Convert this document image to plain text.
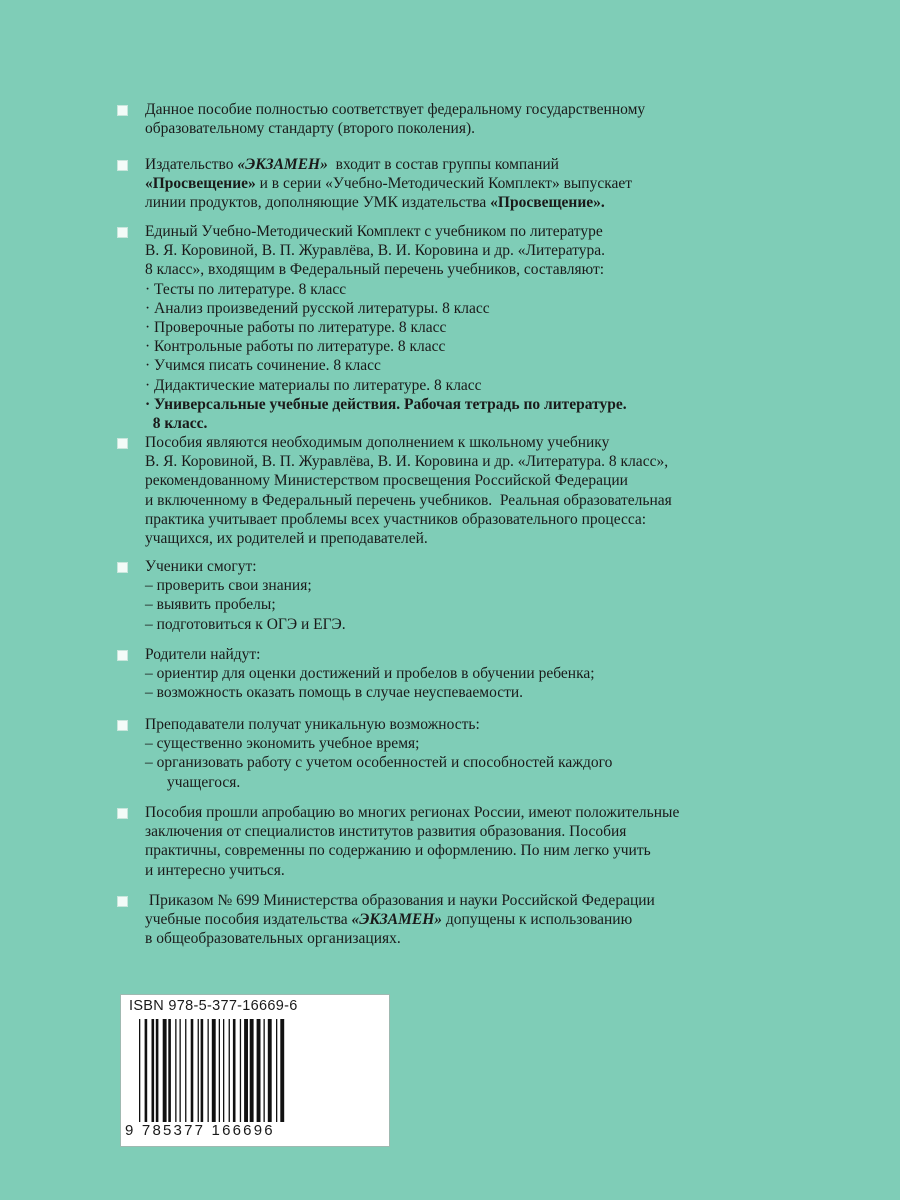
Данное пособие полностью соответствует федеральному государственному
образовательному стандарту (второго поколения).
Издательство «ЭКЗАМЕН»  входит в состав группы компаний
«Просвещение» и в серии «Учебно-Методический Комплект» выпускает
линии продуктов, дополняющие УМК издательства «Просвещение».
Единый Учебно-Методический Комплект с учебником по литературе
В. Я. Коровиной, В. П. Журавлёва, В. И. Коровина и др. «Литература.
8 класс», входящим в Федеральный перечень учебников, составляют:
· Тесты по литературе. 8 класс
· Анализ произведений русской литературы. 8 класс
· Проверочные работы по литературе. 8 класс
· Контрольные работы по литературе. 8 класс
· Учимся писать сочинение. 8 класс
· Дидактические материалы по литературе. 8 класс
· Универсальные учебные действия. Рабочая тетрадь по литературе.
8 класс.
Пособия являются необходимым дополнением к школьному учебнику
В. Я. Коровиной, В. П. Журавлёва, В. И. Коровина и др. «Литература. 8 класс»,
рекомендованному Министерством просвещения Российской Федерации
и включенному в Федеральный перечень учебников.  Реальная образовательная
практика учитывает проблемы всех участников образовательного процесса:
учащихся, их родителей и преподавателей.
Ученики смогут:
– проверить свои знания;
– выявить пробелы;
– подготовиться к ОГЭ и ЕГЭ.
Родители найдут:
– ориентир для оценки достижений и пробелов в обучении ребенка;
– возможность оказать помощь в случае неуспеваемости.
Преподаватели получат уникальную возможность:
– существенно экономить учебное время;
– организовать работу с учетом особенностей и способностей каждого
учащегося.
Пособия прошли апробацию во многих регионах России, имеют положительные
заключения от специалистов институтов развития образования. Пособия
практичны, современны по содержанию и оформлению. По ним легко учить
и интересно учиться.
Приказом № 699 Министерства образования и науки Российской Федерации
учебные пособия издательства «ЭКЗАМЕН» допущены к использованию
в общеобразовательных организациях.
ISBN 978-5-377-16669-6
9 785377 166696
